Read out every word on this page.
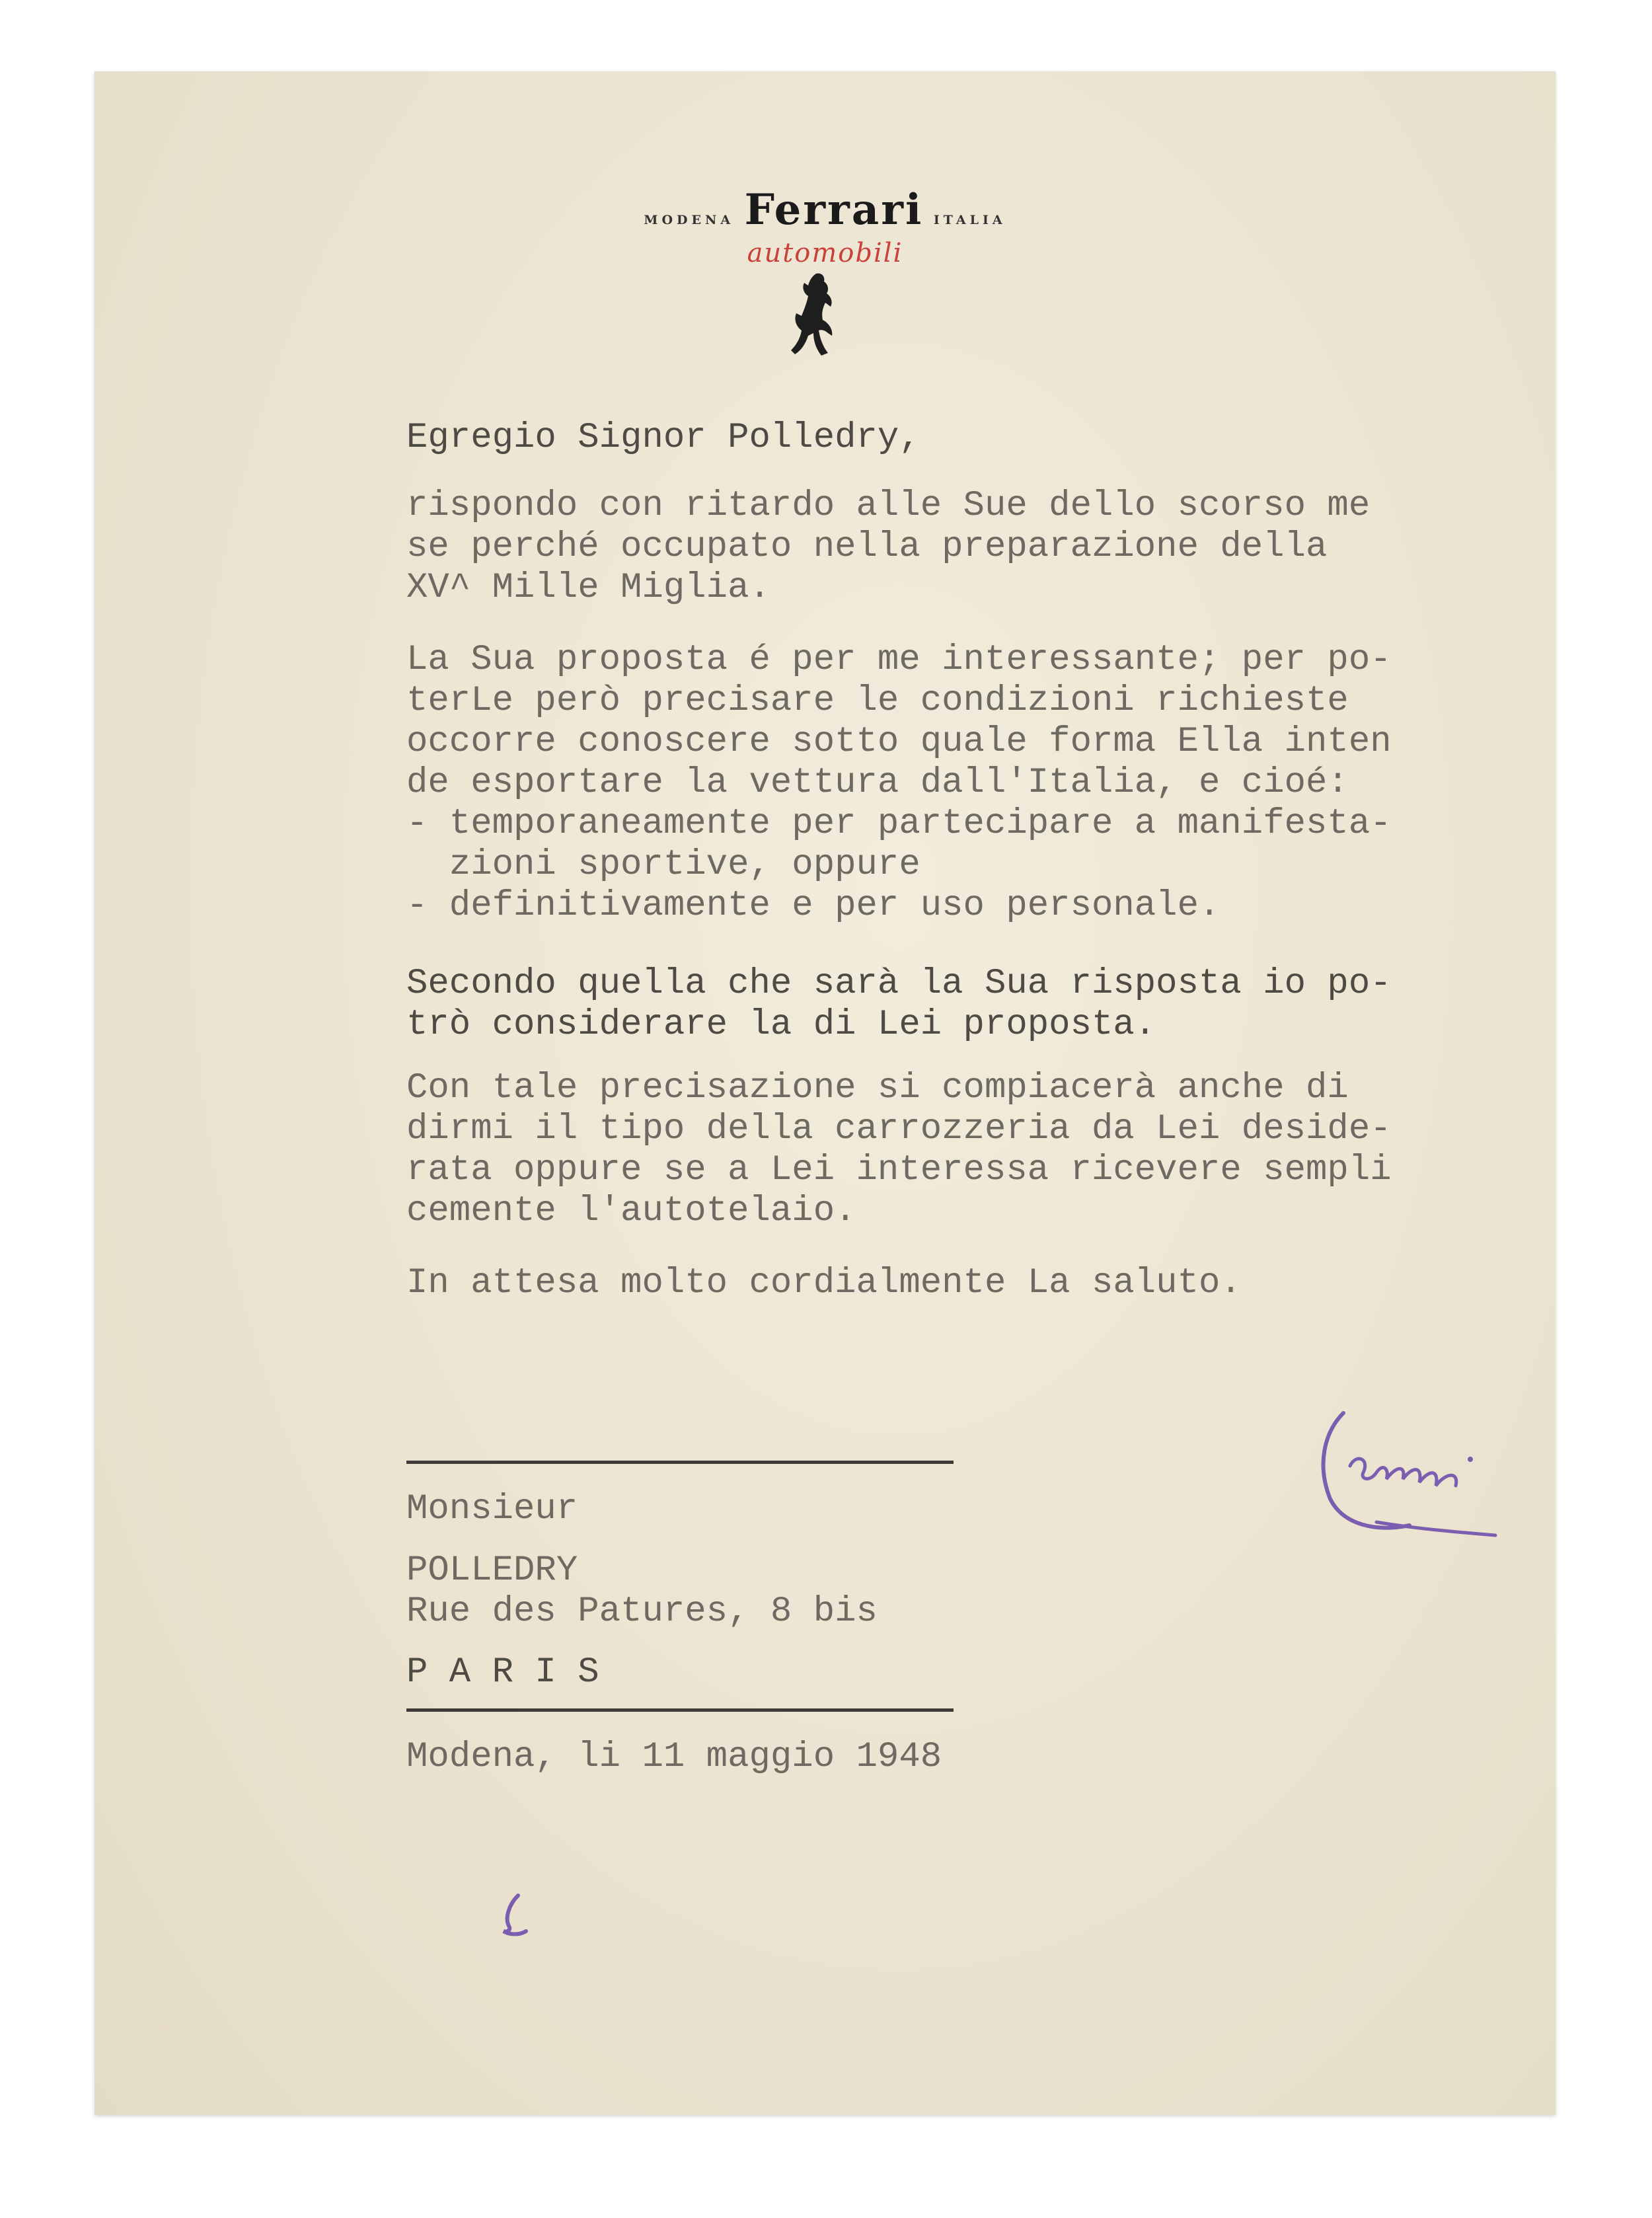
MODENA Ferrari ITALIA
automobili
Egregio Signor Polledry,
rispondo con ritardo alle Sue dello scorso me
se perché occupato nella preparazione della
XV^ Mille Miglia.
La Sua proposta é per me interessante; per po-
terLe però precisare le condizioni richieste
occorre conoscere sotto quale forma Ella inten
de esportare la vettura dall'Italia, e cioé:
- temporaneamente per partecipare a manifesta-
zioni sportive, oppure
- definitivamente e per uso personale.
Secondo quella che sarà la Sua risposta io po-
trò considerare la di Lei proposta.
Con tale precisazione si compiacerà anche di
dirmi il tipo della carrozzeria da Lei deside-
rata oppure se a Lei interessa ricevere sempli
cemente l'autotelaio.
In attesa molto cordialmente La saluto.
Monsieur
POLLEDRY
Rue des Patures, 8 bis
P A R I S
Modena, li 11 maggio 1948
